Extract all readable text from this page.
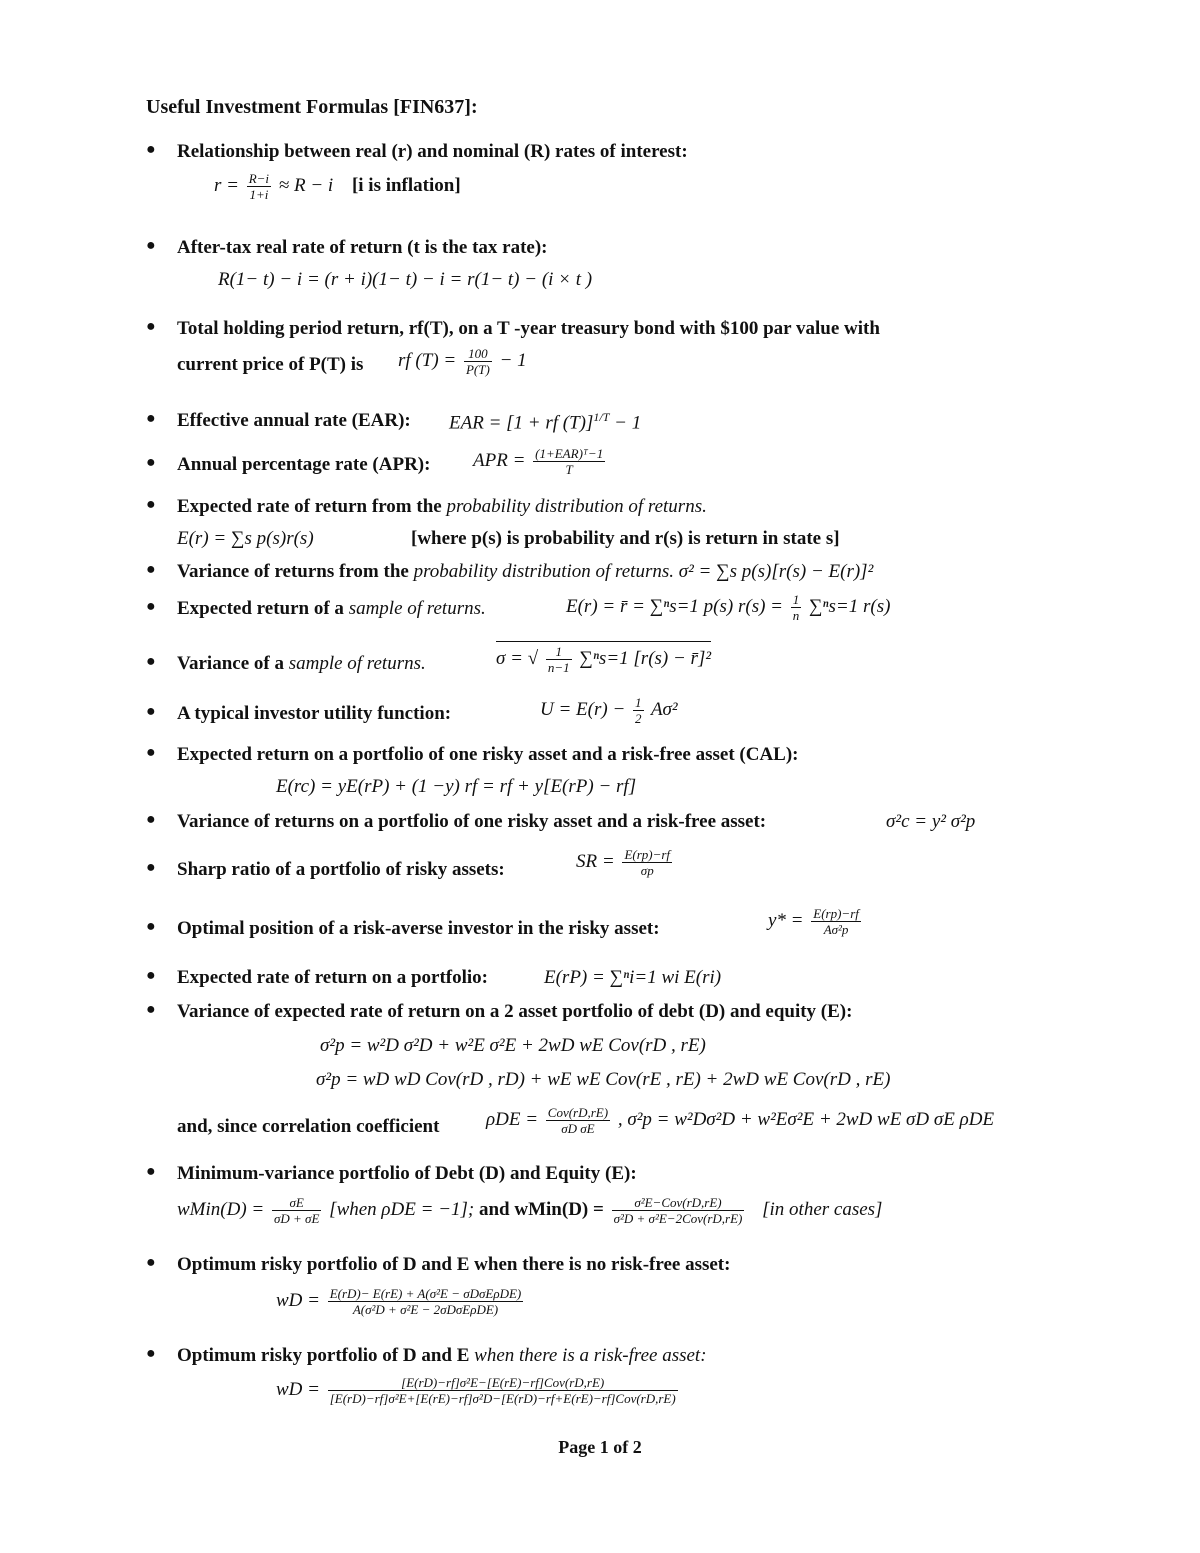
Useful Investment Formulas [FIN637]:
● Relationship between real (r) and nominal (R) rates of interest:
$r = \frac{R-i}{1+i} \approx R - i$ [i is inflation]
● After-tax real rate of return (t is the tax rate):
R(1− t) − i = (r + i)(1− t) − i = r(1− t) − (i × t )
● Total holding period return, rf(T), on a T -year treasury bond with $100 par value with
current price of P(T) is rf $(T) = \frac{100}{P(T)} - 1$
● Effective annual rate (EAR): EAR = [1 + rf (T)]$^{1/T}$ − 1
● Annual percentage rate (APR): APR = $\frac{\text{(1+EAR)ᵀ−1}}{T}$
● Expected rate of return from the probability distribution of returns.
E(r) = ∑s p(s)r(s)	[where p(s) is probability and r(s) is return in state s]
● Variance of returns from the probability distribution of returns. σ² = ∑s p(s)[r(s) − E(r)]²
● Expected return of a sample of returns.	E(r) = r̄ = ∑ⁿs=1 p(s) $r(s) = \frac{1}{n} \sum^ns=1$ r(s)
● Variance of a sample of returns.	σ = √ $\frac{1}{n-1} \sum^ns=1$ [r(s) − r̄]²
● A typical investor utility function:	$U = E(r) - \frac{1}{2} A\sigma^2$
● Expected return on a portfolio of one risky asset and a risk-free asset (CAL):
E(rc) = yE(rP) + (1 −y) rf = rf + y[E(rP) − rf]
● Variance of returns on a portfolio of one risky asset and a risk-free asset:	σ²c = y² σ²p
● Sharp ratio of a portfolio of risky assets:	SR = $\frac{E(rp)-rf}{\sigma p}$
● Optimal position of a risk-averse investor in the risky asset:	$y* = \frac{E(rp)-rf}{\text{Aσ²p}}$
● Expected rate of return on a portfolio:	E(rP) = ∑ⁿi=1 wi E(ri)
● Variance of expected rate of return on a 2 asset portfolio of debt (D) and equity (E):
σ²p = w²D σ²D + w²E σ²E + 2wD wE Cov(rD , rE)
σ²p = wD wD Cov(rD , rD) + wE wE Cov(rE , rE) + 2wD wE Cov(rD , rE)
and, since correlation coefficient $\rho DE = \frac{\text{Cov(rD,rE)}}{\text{σD σE}}$ , σ²p = w²Dσ²D + w²Eσ²E + 2wD wE σD σE ρDE
● Minimum-variance portfolio of Debt (D) and Equity (E):
wMin(D) = $\frac{\sigma E}{\sigma D + \sigma E}$ [when ρDE = −1]; and wMin(D) = $\frac{\text{σ²E−Cov(rD,rE)}}{\text{σ²D + σ²E−2Cov(rD,rE)}} [in$ other cases]
● Optimum risky portfolio of D and E when there is no risk-free asset:
wD = $\frac{\text{E(rD)− E(rE) + A(σ²E − σDσEρDE)}}{\text{A(σ²D + σ²E − 2σDσEρDE)}}$
● Optimum risky portfolio of D and E when there is a risk-free asset:
wD = $\frac{\text{[E(rD)−rf]σ²E−[E(rE)−rf]Cov(rD,rE)}}{\text{[E(rD)−rf]σ²E+[E(rE)−rf]σ²D−[E(rD)−rf+E(rE)−rf]Cov(rD,rE)}}$
Page 1 of 2
